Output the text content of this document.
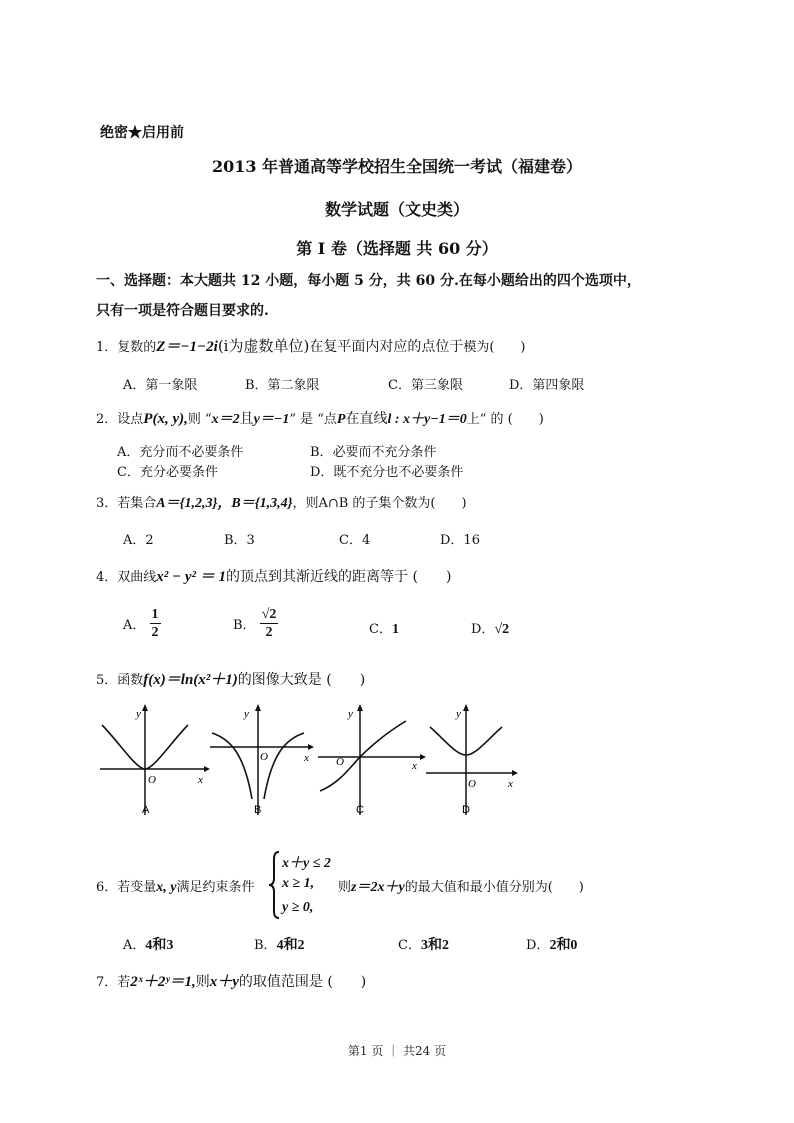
绝密★启用前
2013 年普通高等学校招生全国统一考试（福建卷）
数学试题（文史类）
第 I 卷（选择题 共 60 分）
一、选择题：本大题共 12 小题，每小题 5 分，共 60 分.在每小题给出的四个选项中，
只有一项是符合题目要求的.
1．复数的Z＝−1−2i(i为虚数单位)在复平面内对应的点位于模为(　　)
A．第一象限	B．第二象限	C．第三象限	D．第四象限
2．设点P(x, y),则 “x＝2且y＝−1” 是 “点P在直线l : x＋y−1＝0上” 的 (　　)
A．充分而不必要条件	B．必要而不充分条件
C．充分必要条件	D．既不充分也不必要条件
3．若集合A＝{1,2,3}，B＝{1,3,4}，则A∩B 的子集个数为(　　)
A．2	B．3	C．4	D．16
4．双曲线x² − y² ＝ 1的顶点到其渐近线的距离等于 (　　)
A． $\frac{1}{2}$	B． $\frac{√2}{2}$	C．1	D．√2
5．函数f(x)＝ln(x²＋1)的图像大致是 (　　)
y
x
O
A
y
x
O
B
y
x
O
C
y
x
O
D
6．若变量x, y满足约束条件
x＋y ≤ 2
x ≥ 1,
y ≥ 0,
则z＝2x＋y的最大值和最小值分别为(　　)
A．4和3	B．4和2	C．3和2	D．2和0
7．若2ˣ＋2ʸ＝1,则x＋y的取值范围是 (　　)
第1 页 ｜ 共24 页
